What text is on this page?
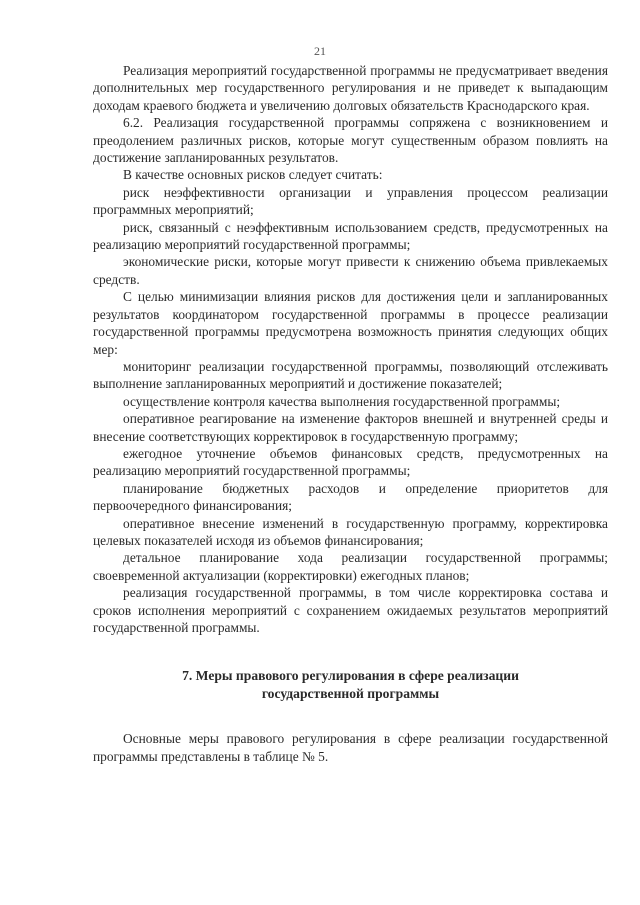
21

Реализация мероприятий государственной программы не предусматривает введения дополнительных мер государственного регулирования и не приведет к выпадающим доходам краевого бюджета и увеличению долговых обязательств Краснодарского края.

6.2. Реализация государственной программы сопряжена с возникновением и преодолением различных рисков, которые могут существенным образом повлиять на достижение запланированных результатов.

В качестве основных рисков следует считать:

риск неэффективности организации и управления процессом реализации программных мероприятий;

риск, связанный с неэффективным использованием средств, предусмотренных на реализацию мероприятий государственной программы;

экономические риски, которые могут привести к снижению объема привлекаемых средств.

С целью минимизации влияния рисков для достижения цели и запланированных результатов координатором государственной программы в процессе реализации государственной программы предусмотрена возможность принятия следующих общих мер:

мониторинг реализации государственной программы, позволяющий отслеживать выполнение запланированных мероприятий и достижение показателей;

осуществление контроля качества выполнения государственной программы;

оперативное реагирование на изменение факторов внешней и внутренней среды и внесение соответствующих корректировок в государственную программу;

ежегодное уточнение объемов финансовых средств, предусмотренных на реализацию мероприятий государственной программы;

планирование бюджетных расходов и определение приоритетов для первоочередного финансирования;

оперативное внесение изменений в государственную программу, корректировка целевых показателей исходя из объемов финансирования;

детальное планирование хода реализации государственной программы; своевременной актуализации (корректировки) ежегодных планов;

реализация государственной программы, в том числе корректировка состава и сроков исполнения мероприятий с сохранением ожидаемых результатов мероприятий государственной программы.

7. Меры правового регулирования в сфере реализации
государственной программы

Основные меры правового регулирования в сфере реализации государственной программы представлены в таблице № 5.
